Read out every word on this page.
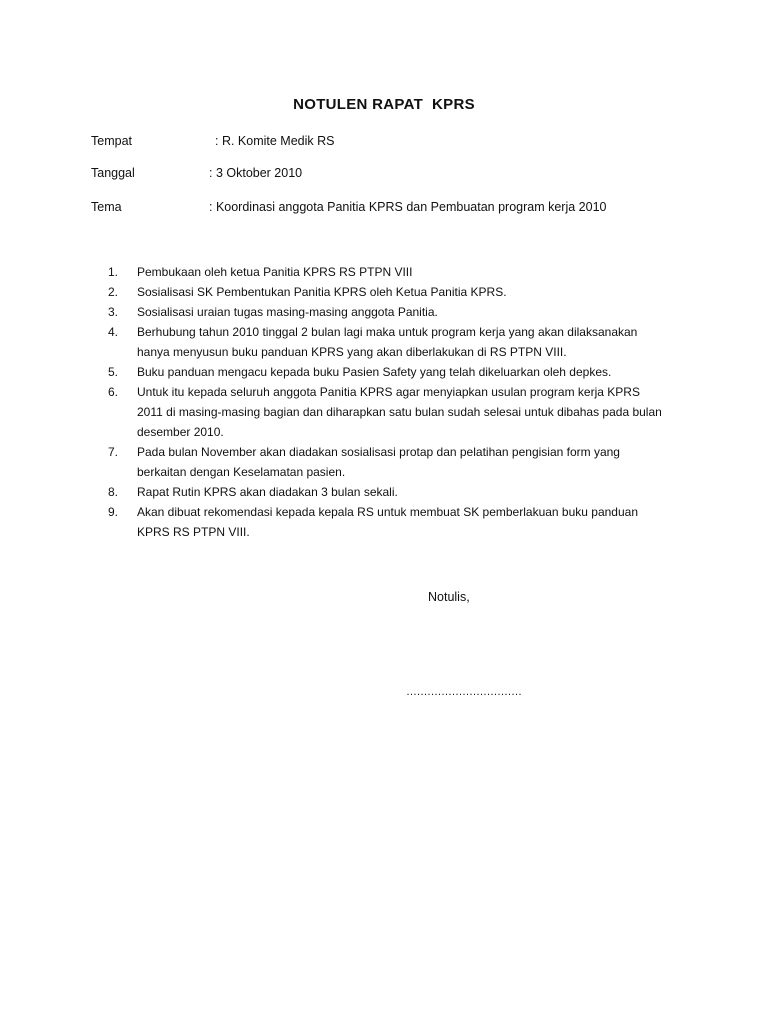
NOTULEN RAPAT  KPRS
Tempat	: R. Komite Medik RS
Tanggal	: 3 Oktober 2010
Tema	: Koordinasi anggota Panitia KPRS dan Pembuatan program kerja 2010
1. Pembukaan oleh ketua Panitia KPRS RS PTPN VIII
2. Sosialisasi SK Pembentukan Panitia KPRS oleh Ketua Panitia KPRS.
3. Sosialisasi uraian tugas masing-masing anggota Panitia.
4. Berhubung tahun 2010 tinggal 2 bulan lagi maka untuk program kerja yang akan dilaksanakan hanya menyusun buku panduan KPRS yang akan diberlakukan di RS PTPN VIII.
5. Buku panduan mengacu kepada buku Pasien Safety yang telah dikeluarkan oleh depkes.
6. Untuk itu kepada seluruh anggota Panitia KPRS agar menyiapkan usulan program kerja KPRS 2011 di masing-masing bagian dan diharapkan satu bulan sudah selesai untuk dibahas pada bulan desember 2010.
7. Pada bulan November akan diadakan sosialisasi protap dan pelatihan pengisian form yang berkaitan dengan Keselamatan pasien.
8. Rapat Rutin KPRS akan diadakan 3 bulan sekali.
9. Akan dibuat rekomendasi kepada kepala RS untuk membuat SK pemberlakuan buku panduan KPRS RS PTPN VIII.
Notulis,
……………………………
